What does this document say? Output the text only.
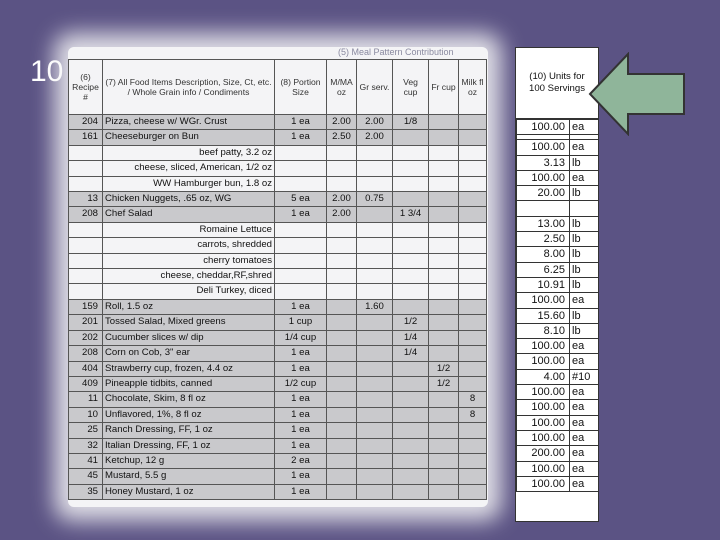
10
(5) Meal Pattern Contribution
(6) Recipe #	(7) All Food Items Description, Size, Ct, etc. / Whole Grain info / Condiments	(8) Portion Size	M/MA oz	Gr serv.	Veg cup	Fr cup	Milk fl oz
204	Pizza, cheese w/ WGr. Crust	1 ea	2.00	2.00	1/8		
161	Cheeseburger on Bun	1 ea	2.50	2.00			
	beef patty, 3.2 oz						
	cheese, sliced, American, 1/2 oz						
	WW Hamburger bun, 1.8 oz						
13	Chicken Nuggets, .65 oz, WG	5 ea	2.00	0.75			
208	Chef Salad	1 ea	2.00		1 3/4		
	Romaine Lettuce						
	carrots, shredded						
	cherry tomatoes						
	cheese, cheddar,RF,shred						
	Deli Turkey, diced						
159	Roll, 1.5 oz	1 ea		1.60			
201	Tossed Salad, Mixed greens	1 cup			1/2		
202	Cucumber slices w/ dip	1/4 cup			1/4		
208	Corn on Cob, 3" ear	1 ea			1/4		
404	Strawberry cup, frozen, 4.4 oz	1 ea				1/2	
409	Pineapple tidbits, canned	1/2 cup				1/2	
11	Chocolate, Skim, 8 fl oz	1 ea					8
10	Unflavored, 1%, 8 fl oz	1 ea					8
25	Ranch Dressing, FF, 1 oz	1 ea					
32	Italian Dressing, FF, 1 oz	1 ea					
41	Ketchup, 12 g	2 ea					
45	Mustard, 5.5 g	1 ea					
35	Honey Mustard, 1 oz	1 ea					
(10) Units for 100 Servings
100.00	ea

100.00	ea
3.13	lb
100.00	ea
20.00	lb

13.00	lb
2.50	lb
8.00	lb
6.25	lb
10.91	lb
100.00	ea
15.60	lb
8.10	lb
100.00	ea
100.00	ea
4.00	#10
100.00	ea
100.00	ea
100.00	ea
100.00	ea
200.00	ea
100.00	ea
100.00	ea
